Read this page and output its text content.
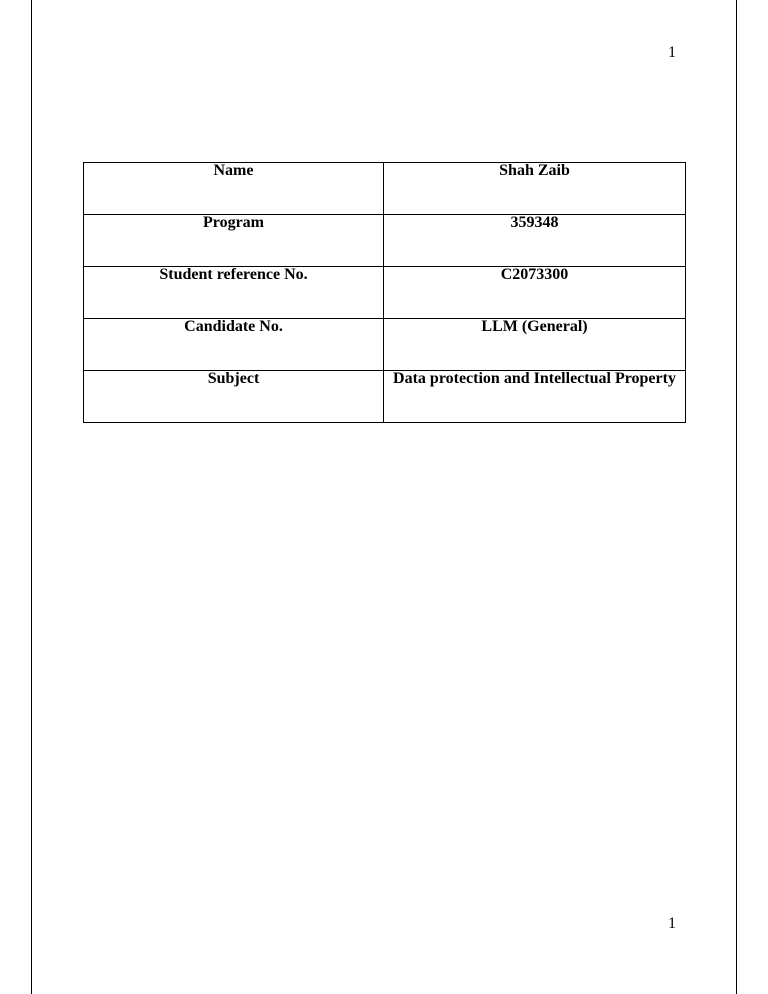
1
Name	Shah Zaib

Program	359348

Student reference No.	C2073300

Candidate No.	LLM (General)

Subject	Data protection and Intellectual Property
1
